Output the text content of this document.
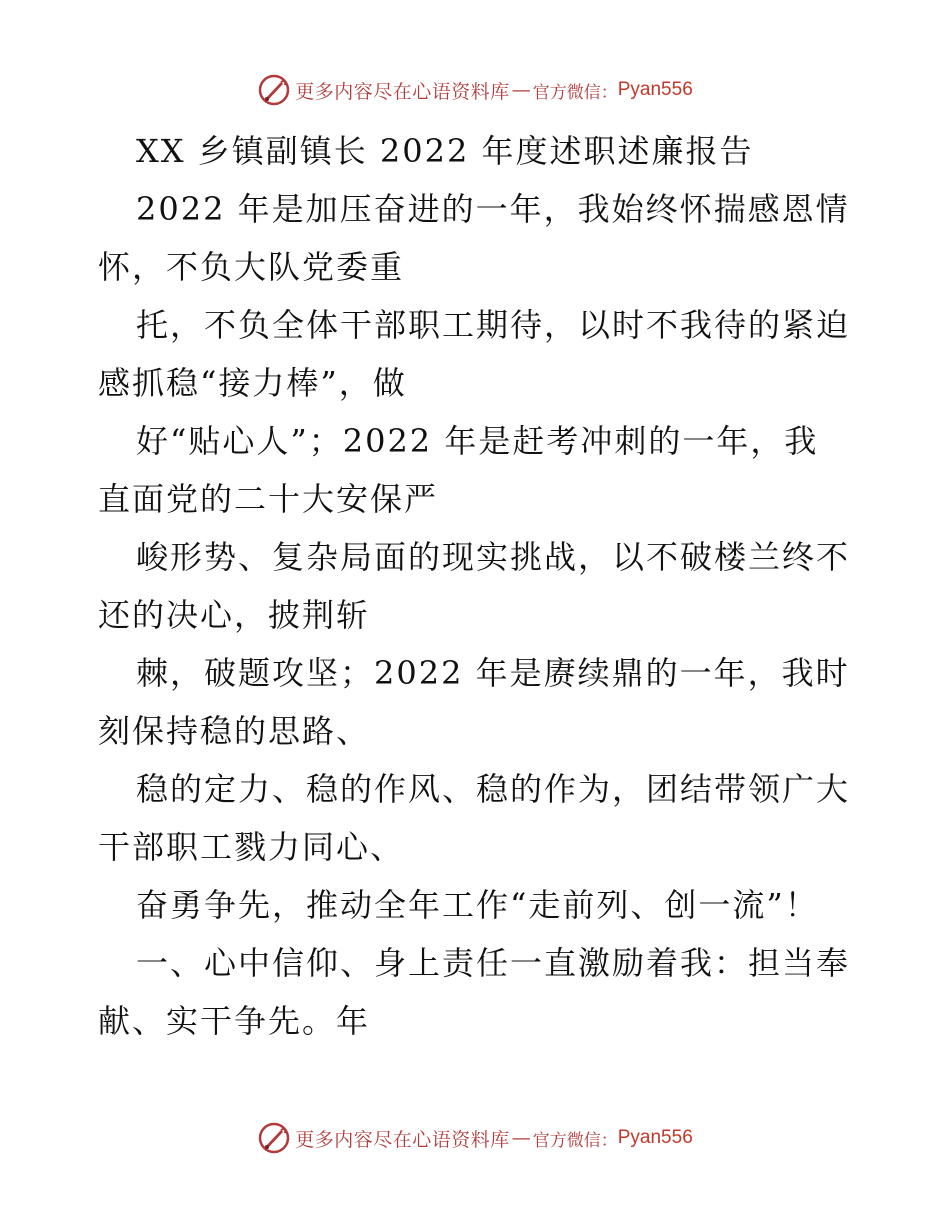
更多内容尽在心语资料库 — 官方微信： Pyan556
XX 乡镇副镇长 2022 年度述职述廉报告
2022 年是加压奋进的一年，我始终怀揣感恩情
怀，不负大队党委重
托，不负全体干部职工期待，以时不我待的紧迫
感抓稳“接力棒”，做
好“贴心人”；2022 年是赶考冲刺的一年，我
直面党的二十大安保严
峻形势、复杂局面的现实挑战，以不破楼兰终不
还的决心，披荆斩
棘，破题攻坚；2022 年是赓续鼎的一年，我时
刻保持稳的思路、
稳的定力、稳的作风、稳的作为，团结带领广大
干部职工戮力同心、
奋勇争先，推动全年工作“走前列、创一流”！
一、心中信仰、身上责任一直激励着我：担当奉
献、实干争先。年
更多内容尽在心语资料库 — 官方微信： Pyan556
